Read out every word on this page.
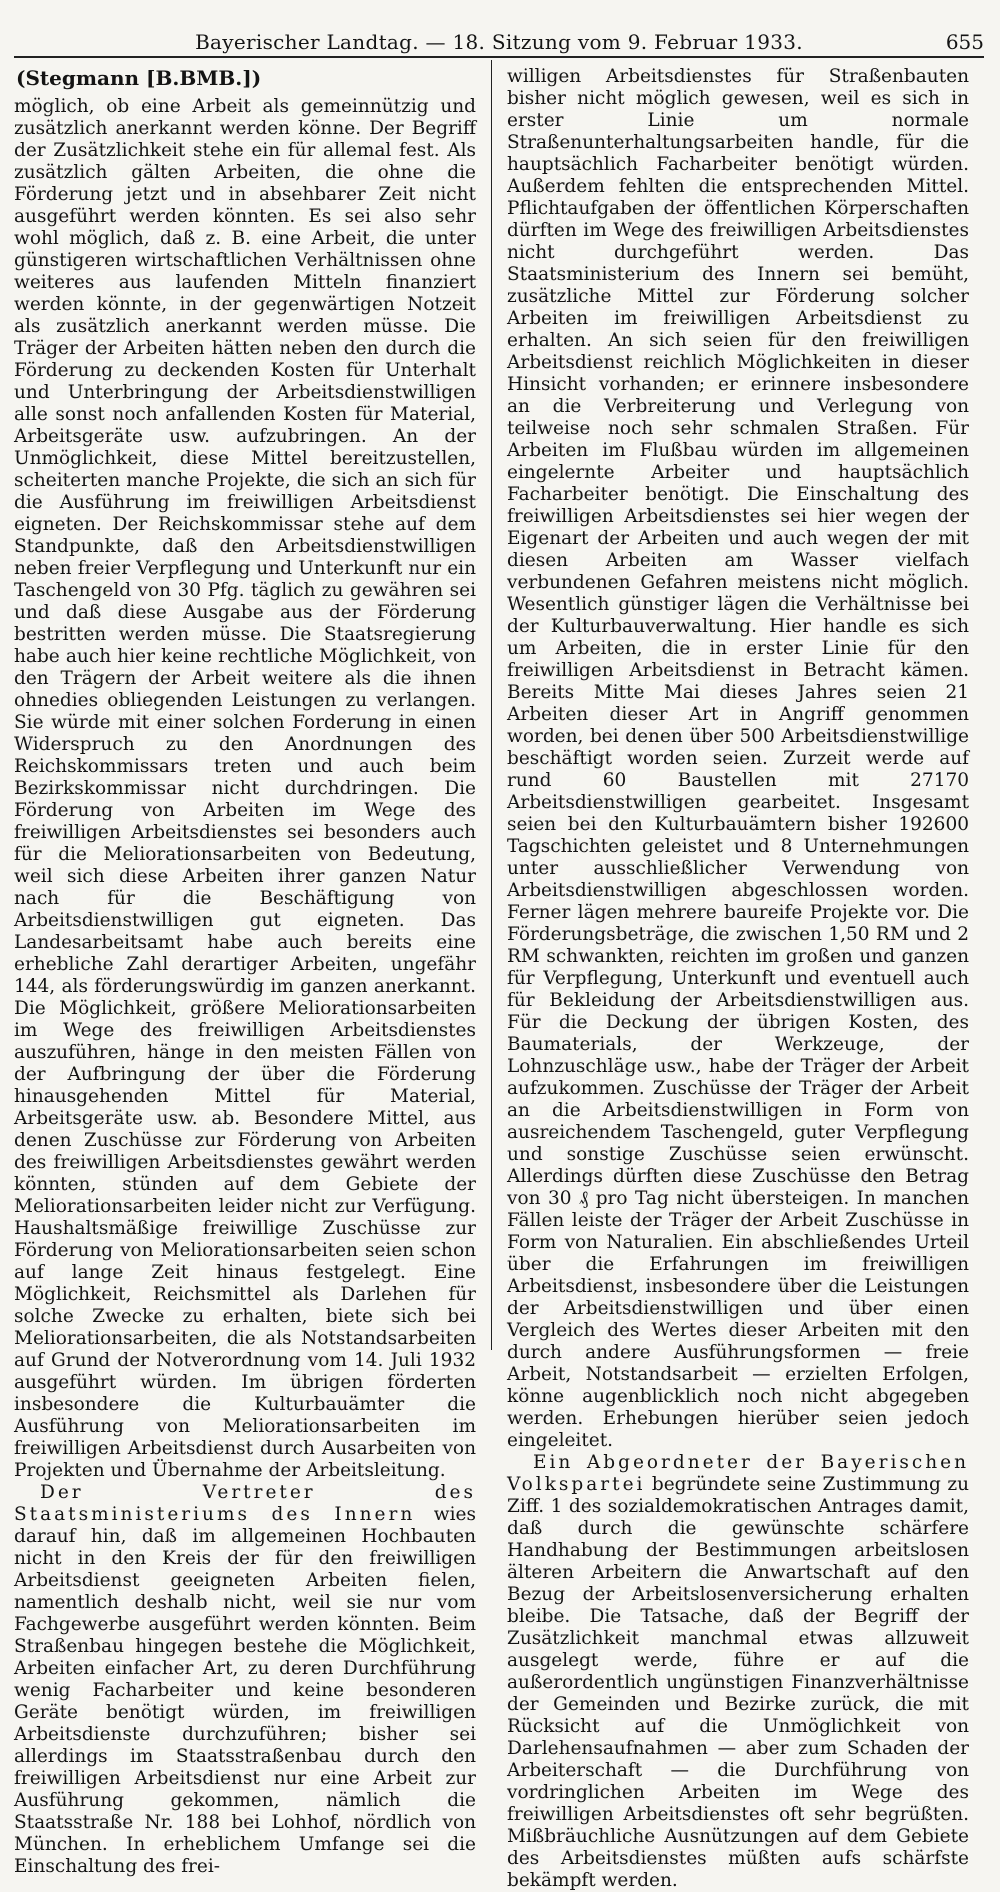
Bayerischer Landtag. — 18. Sitzung vom 9. Februar 1933.	655
(Stegmann [B.BMB.])

möglich, ob eine Arbeit als gemeinnützig und zusätzlich anerkannt werden könne. Der Begriff der Zusätzlichkeit stehe ein für allemal fest. Als zusätzlich gälten Arbeiten, die ohne die Förderung jetzt und in absehbarer Zeit nicht ausgeführt werden könnten. Es sei also sehr wohl möglich, daß z. B. eine Arbeit, die unter günstigeren wirtschaftlichen Verhältnissen ohne weiteres aus laufenden Mitteln finanziert werden könnte, in der gegenwärtigen Notzeit als zusätzlich anerkannt werden müsse. Die Träger der Arbeiten hätten neben den durch die Förderung zu deckenden Kosten für Unterhalt und Unterbringung der Arbeitsdienstwilligen alle sonst noch anfallenden Kosten für Material, Arbeitsgeräte usw. aufzubringen. An der Unmöglichkeit, diese Mittel bereitzustellen, scheiterten manche Projekte, die sich an sich für die Ausführung im freiwilligen Arbeitsdienst eigneten. Der Reichskommissar stehe auf dem Standpunkte, daß den Arbeitsdienstwilligen neben freier Verpflegung und Unterkunft nur ein Taschengeld von 30 Pfg. täglich zu gewähren sei und daß diese Ausgabe aus der Förderung bestritten werden müsse. Die Staatsregierung habe auch hier keine rechtliche Möglichkeit, von den Trägern der Arbeit weitere als die ihnen ohnedies obliegenden Leistungen zu verlangen. Sie würde mit einer solchen Forderung in einen Widerspruch zu den Anordnungen des Reichskommissars treten und auch beim Bezirkskommissar nicht durchdringen. Die Förderung von Arbeiten im Wege des freiwilligen Arbeitsdienstes sei besonders auch für die Meliorationsarbeiten von Bedeutung, weil sich diese Arbeiten ihrer ganzen Natur nach für die Beschäftigung von Arbeitsdienstwilligen gut eigneten. Das Landesarbeitsamt habe auch bereits eine erhebliche Zahl derartiger Arbeiten, ungefähr 144, als förderungswürdig im ganzen anerkannt. Die Möglichkeit, größere Meliorationsarbeiten im Wege des freiwilligen Arbeitsdienstes auszuführen, hänge in den meisten Fällen von der Aufbringung der über die Förderung hinausgehenden Mittel für Material, Arbeitsgeräte usw. ab. Besondere Mittel, aus denen Zuschüsse zur Förderung von Arbeiten des freiwilligen Arbeitsdienstes gewährt werden könnten, stünden auf dem Gebiete der Meliorationsarbeiten leider nicht zur Verfügung. Haushaltsmäßige freiwillige Zuschüsse zur Förderung von Meliorationsarbeiten seien schon auf lange Zeit hinaus festgelegt. Eine Möglichkeit, Reichsmittel als Darlehen für solche Zwecke zu erhalten, biete sich bei Meliorationsarbeiten, die als Notstandsarbeiten auf Grund der Notverordnung vom 14. Juli 1932 ausgeführt würden. Im übrigen förderten insbesondere die Kulturbauämter die Ausführung von Meliorationsarbeiten im freiwilligen Arbeitsdienst durch Ausarbeiten von Projekten und Übernahme der Arbeitsleitung.

Der Vertreter des Staatsministeriums des Innern wies darauf hin, daß im allgemeinen Hochbauten nicht in den Kreis der für den freiwilligen Arbeitsdienst geeigneten Arbeiten fielen, namentlich deshalb nicht, weil sie nur vom Fachgewerbe ausgeführt werden könnten. Beim Straßenbau hingegen bestehe die Möglichkeit, Arbeiten einfacher Art, zu deren Durchführung wenig Facharbeiter und keine besonderen Geräte benötigt würden, im freiwilligen Arbeitsdienste durchzuführen; bisher sei allerdings im Staatsstraßenbau durch den freiwilligen Arbeitsdienst nur eine Arbeit zur Ausführung gekommen, nämlich die Staatsstraße Nr. 188 bei Lohhof, nördlich von München. In erheblichem Umfange sei die Einschaltung des frei-

willigen Arbeitsdienstes für Straßenbauten bisher nicht möglich gewesen, weil es sich in erster Linie um normale Straßenunterhaltungsarbeiten handle, für die hauptsächlich Facharbeiter benötigt würden. Außerdem fehlten die entsprechenden Mittel. Pflichtaufgaben der öffentlichen Körperschaften dürften im Wege des freiwilligen Arbeitsdienstes nicht durchgeführt werden. Das Staatsministerium des Innern sei bemüht, zusätzliche Mittel zur Förderung solcher Arbeiten im freiwilligen Arbeitsdienst zu erhalten. An sich seien für den freiwilligen Arbeitsdienst reichlich Möglichkeiten in dieser Hinsicht vorhanden; er erinnere insbesondere an die Verbreiterung und Verlegung von teilweise noch sehr schmalen Straßen. Für Arbeiten im Flußbau würden im allgemeinen eingelernte Arbeiter und hauptsächlich Facharbeiter benötigt. Die Einschaltung des freiwilligen Arbeitsdienstes sei hier wegen der Eigenart der Arbeiten und auch wegen der mit diesen Arbeiten am Wasser vielfach verbundenen Gefahren meistens nicht möglich. Wesentlich günstiger lägen die Verhältnisse bei der Kulturbauverwaltung. Hier handle es sich um Arbeiten, die in erster Linie für den freiwilligen Arbeitsdienst in Betracht kämen. Bereits Mitte Mai dieses Jahres seien 21 Arbeiten dieser Art in Angriff genommen worden, bei denen über 500 Arbeitsdienstwillige beschäftigt worden seien. Zurzeit werde auf rund 60 Baustellen mit 27170 Arbeitsdienstwilligen gearbeitet. Insgesamt seien bei den Kulturbauämtern bisher 192600 Tagschichten geleistet und 8 Unternehmungen unter ausschließlicher Verwendung von Arbeitsdienstwilligen abgeschlossen worden. Ferner lägen mehrere baureife Projekte vor. Die Förderungsbeträge, die zwischen 1,50 RM und 2 RM schwankten, reichten im großen und ganzen für Verpflegung, Unterkunft und eventuell auch für Bekleidung der Arbeitsdienstwilligen aus. Für die Deckung der übrigen Kosten, des Baumaterials, der Werkzeuge, der Lohnzuschläge usw., habe der Träger der Arbeit aufzukommen. Zuschüsse der Träger der Arbeit an die Arbeitsdienstwilligen in Form von ausreichendem Taschengeld, guter Verpflegung und sonstige Zuschüsse seien erwünscht. Allerdings dürften diese Zuschüsse den Betrag von 30 ₰ pro Tag nicht übersteigen. In manchen Fällen leiste der Träger der Arbeit Zuschüsse in Form von Naturalien. Ein abschließendes Urteil über die Erfahrungen im freiwilligen Arbeitsdienst, insbesondere über die Leistungen der Arbeitsdienstwilligen und über einen Vergleich des Wertes dieser Arbeiten mit den durch andere Ausführungsformen — freie Arbeit, Notstandsarbeit — erzielten Erfolgen, könne augenblicklich noch nicht abgegeben werden. Erhebungen hierüber seien jedoch eingeleitet.

Ein Abgeordneter der Bayerischen Volkspartei begründete seine Zustimmung zu Ziff. 1 des sozialdemokratischen Antrages damit, daß durch die gewünschte schärfere Handhabung der Bestimmungen arbeitslosen älteren Arbeitern die Anwartschaft auf den Bezug der Arbeitslosenversicherung erhalten bleibe. Die Tatsache, daß der Begriff der Zusätzlichkeit manchmal etwas allzuweit ausgelegt werde, führe er auf die außerordentlich ungünstigen Finanzverhältnisse der Gemeinden und Bezirke zurück, die mit Rücksicht auf die Unmöglichkeit von Darlehensaufnahmen — aber zum Schaden der Arbeiterschaft — die Durchführung von vordringlichen Arbeiten im Wege des freiwilligen Arbeitsdienstes oft sehr begrüßten. Mißbräuchliche Ausnützungen auf dem Gebiete des Arbeitsdienstes müßten aufs schärfste bekämpft werden.
